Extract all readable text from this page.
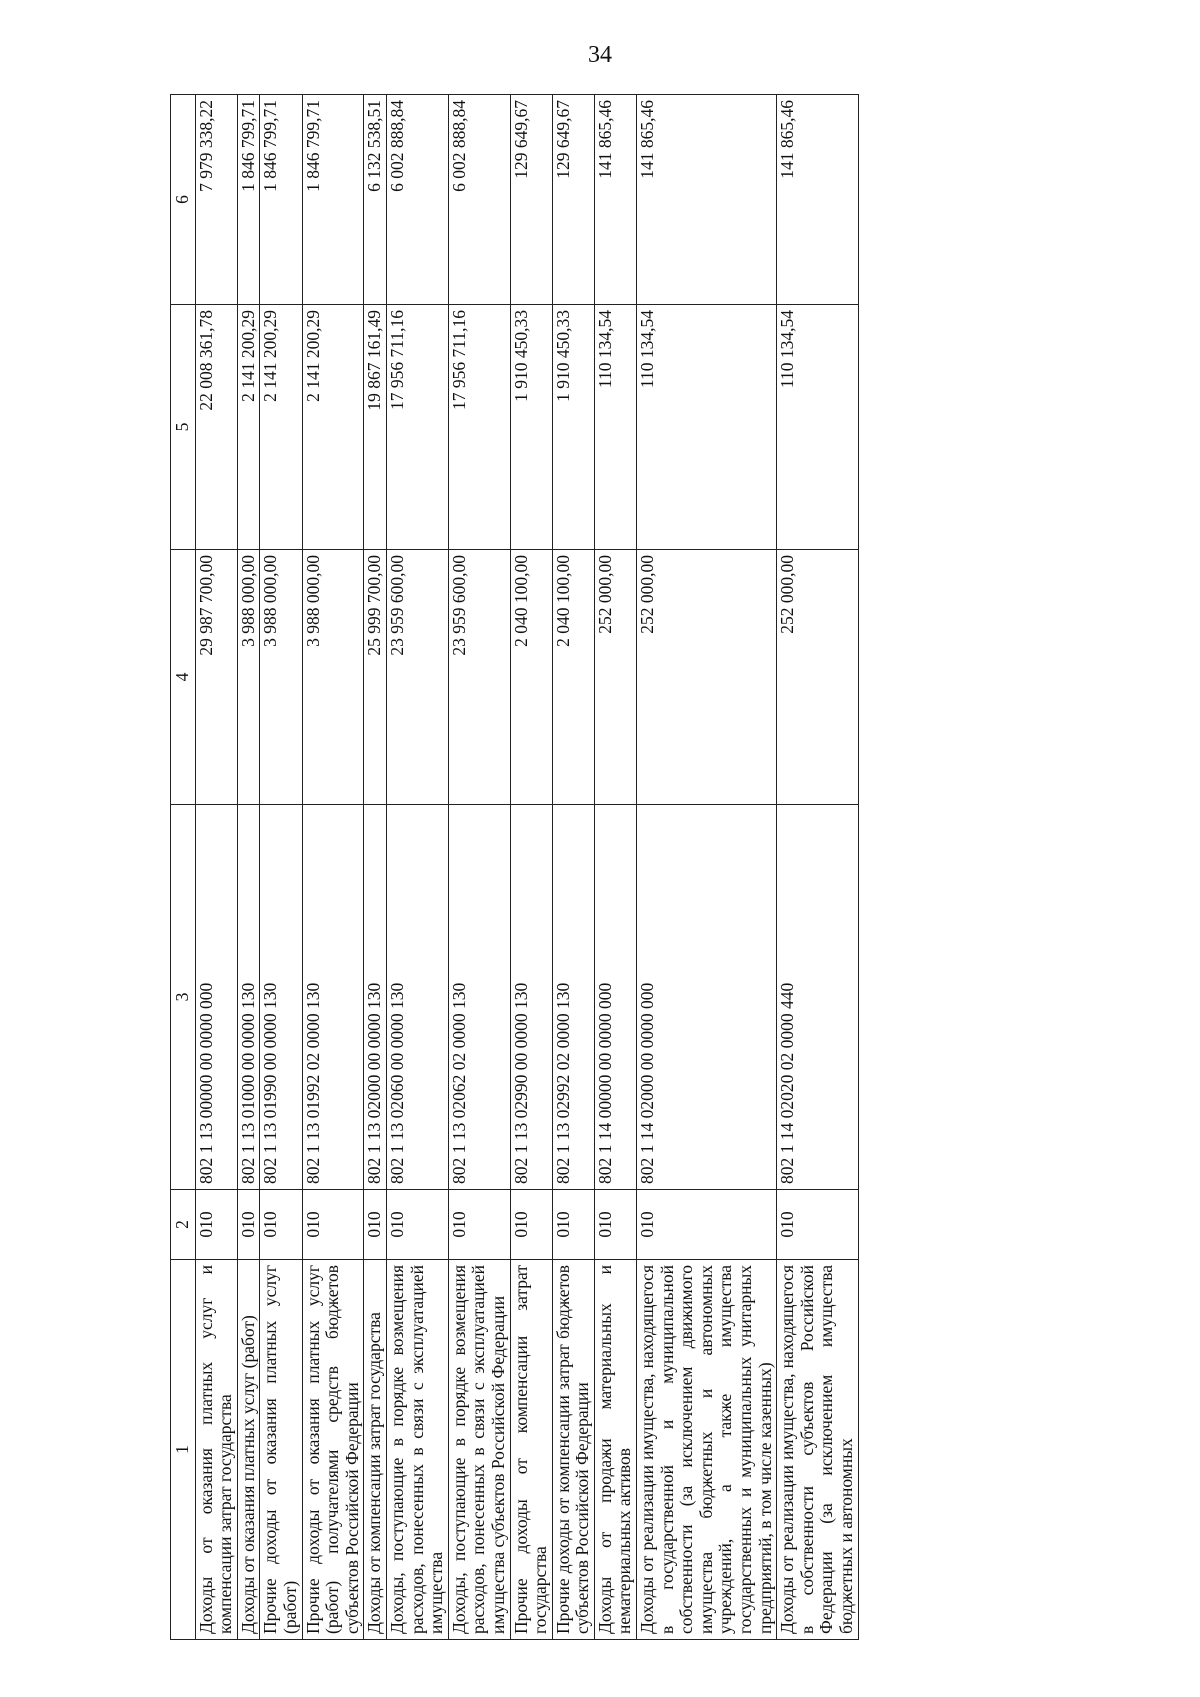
34
1	2	3	4	5	6
Доходы от оказания платных услуг и компенсации затрат государства	010	802 1 13 00000 00 0000 000	29 987 700,00	22 008 361,78	7 979 338,22
Доходы от оказания платных услуг (работ)	010	802 1 13 01000 00 0000 130	3 988 000,00	2 141 200,29	1 846 799,71
Прочие доходы от оказания платных услуг (работ)	010	802 1 13 01990 00 0000 130	3 988 000,00	2 141 200,29	1 846 799,71
Прочие доходы от оказания платных услуг (работ) получателями средств бюджетов субъектов Российской Федерации	010	802 1 13 01992 02 0000 130	3 988 000,00	2 141 200,29	1 846 799,71
Доходы от компенсации затрат государства	010	802 1 13 02000 00 0000 130	25 999 700,00	19 867 161,49	6 132 538,51
Доходы, поступающие в порядке возмещения расходов, понесенных в связи с эксплуатацией имущества	010	802 1 13 02060 00 0000 130	23 959 600,00	17 956 711,16	6 002 888,84
Доходы, поступающие в порядке возмещения расходов, понесенных в связи с эксплуатацией имущества субъектов Российской Федерации	010	802 1 13 02062 02 0000 130	23 959 600,00	17 956 711,16	6 002 888,84
Прочие доходы от компенсации затрат государства	010	802 1 13 02990 00 0000 130	2 040 100,00	1 910 450,33	129 649,67
Прочие доходы от компенсации затрат бюджетов субъектов Российской Федерации	010	802 1 13 02992 02 0000 130	2 040 100,00	1 910 450,33	129 649,67
Доходы от продажи материальных и нематериальных активов	010	802 1 14 00000 00 0000 000	252 000,00	110 134,54	141 865,46
Доходы от реализации имущества, находящегося в государственной и муниципальной собственности (за исключением движимого имущества бюджетных и автономных учреждений, а также имущества государственных и муниципальных унитарных предприятий, в том числе казенных)	010	802 1 14 02000 00 0000 000	252 000,00	110 134,54	141 865,46
Доходы от реализации имущества, находящегося в собственности субъектов Российской Федерации (за исключением имущества бюджетных и автономных	010	802 1 14 02020 02 0000 440	252 000,00	110 134,54	141 865,46
